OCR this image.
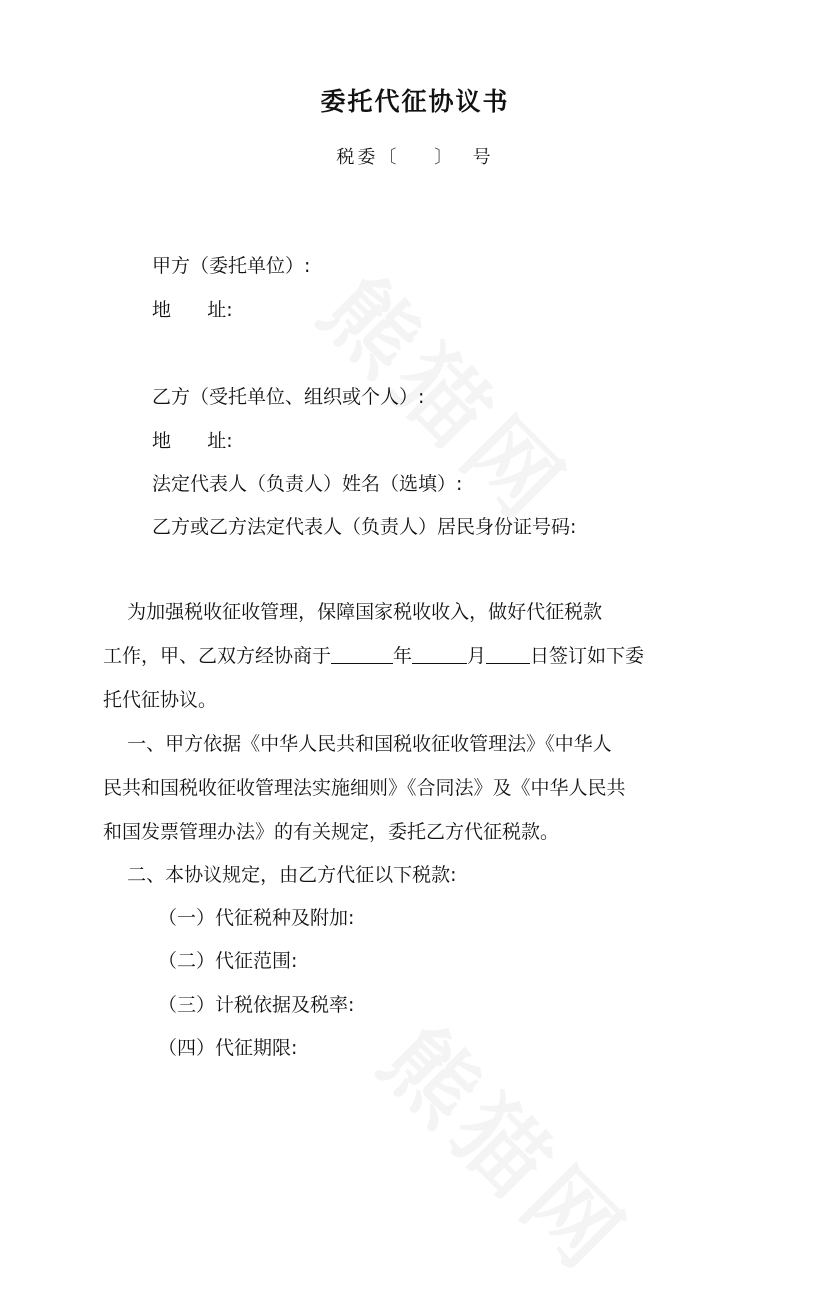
委托代征协议书
税委〔    〕  号
甲方（委托单位）:
地      址:
乙方（受托单位、组织或个人）:
地      址:
法定代表人（负责人）姓名（选填）:
乙方或乙方法定代表人（负责人）居民身份证号码:
为加强税收征收管理，保障国家税收收入，做好代征税款
工作，甲、乙双方经协商于	年	月 日签订如下委
托代征协议。
一、甲方依据《中华人民共和国税收征收管理法》《中华人
民共和国税收征收管理法实施细则》《合同法》及《中华人民共
和国发票管理办法》的有关规定，委托乙方代征税款。
二、本协议规定，由乙方代征以下税款:
（一）代征税种及附加:
（二）代征范围:
（三）计税依据及税率:
（四）代征期限:
